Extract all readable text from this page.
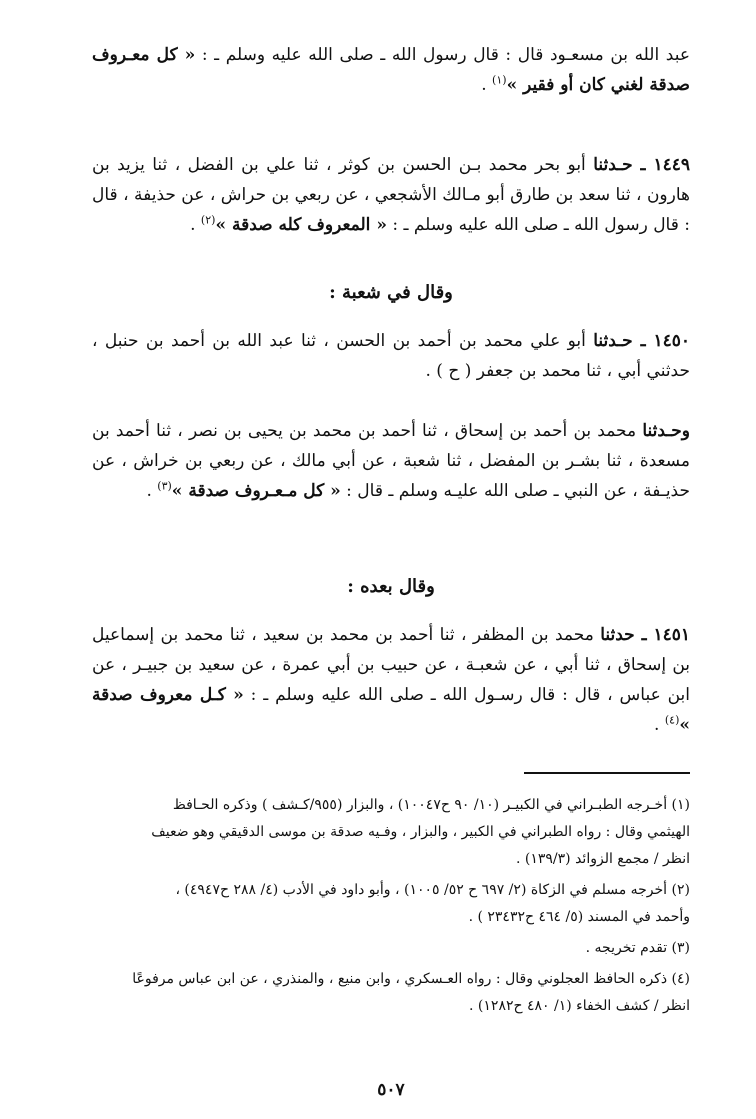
عبد الله بن مسعـود قال : قال رسول الله ـ صلى الله عليه وسلم ـ : « كل معـروف صدقة لغني كان أو فقير »$^{(١)}$ .

١٤٤٩ ـ حـدثنا أبو بحر محمد بـن الحسن بن كوثر ، ثنا علي بن الفضل ، ثنا يزيد بن هارون ، ثنا سعد بن طارق أبو مـالك الأشجعي ، عن ربعي بن حراش ، عن حذيفة ، قال : قال رسول الله ـ صلى الله عليه وسلم ـ : « المعروف كله صدقة »$^{(٢)}$ .

وقال في شعبة :

١٤٥٠ ـ حـدثنا أبو علي محمد بن أحمد بن الحسن ، ثنا عبد الله بن أحمد بن حنبل ، حدثني أبي ، ثنا محمد بن جعفر ( ح ) .

وحـدثنا محمد بن أحمد بن إسحاق ، ثنا أحمد بن محمد بن يحيى بن نصر ، ثنا أحمد بن مسعدة ، ثنا بشـر بن المفضل ، ثنا شعبة ، عن أبي مالك ، عن ربعي بن خراش ، عن حذيـفة ، عن النبي ـ صلى الله عليـه وسلم ـ قال : « كل مـعـروف صدقة »$^{(٣)}$ .

وقال بعده :

١٤٥١ ـ حدثنا محمد بن المظفر ، ثنا أحمد بن محمد بن سعيد ، ثنا محمد بن إسماعيل بن إسحاق ، ثنا أبي ، عن شعبـة ، عن حبيب بن أبي عمرة ، عن سعيد بن جبيـر ، عن ابن عباس ، قال : قال رسـول الله ـ صلى الله عليه وسلم ـ : « كـل معروف صدقة »$^{(٤)}$ .

(١) أخـرجه الطبـراني في الكبيـر (١٠/ ٩٠ ح١٠٠٤٧) ، والبزار (٩٥٥/كـشف ) وذكره الحـافظ
الهيثمي وقال : رواه الطبراني في الكبير ، والبزار ، وفـيه صدقة بن موسى الدقيقي وهو ضعيف
انظر / مجمع الزوائد (١٣٩/٣) .
(٢) أخرجه مسلم في الزكاة (٢/ ٦٩٧ ح ٥٢/ ١٠٠٥) ، وأبو داود في الأدب (٤/ ٢٨٨ ح٤٩٤٧) ،
وأحمد في المسند (٥/ ٤٦٤ ح٢٣٤٣٢ ) .
(٣) تقدم تخريجه .
(٤) ذكره الحافظ العجلوني وقال : رواه العـسكري ، وابن منيع ، والمنذري ، عن ابن عباس مرفوعًا
انظر / كشف الخفاء (١/ ٤٨٠ ح١٢٨٢) .
٥٠٧
